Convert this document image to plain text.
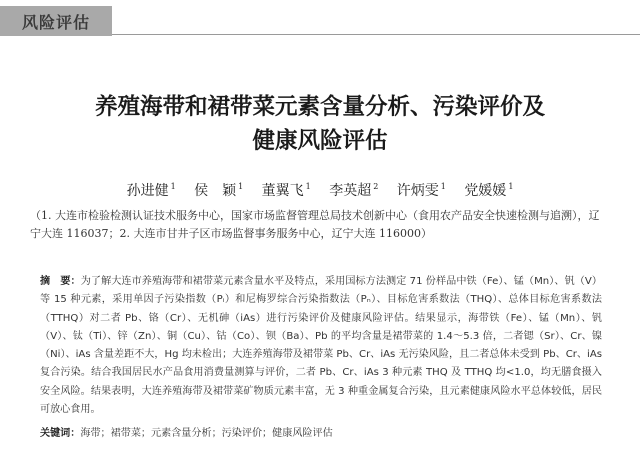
风险评估
养殖海带和裙带菜元素含量分析、污染评价及
健康风险评估
孙进健 $^1$ 侯　颖 $^1$ 董翼飞 $^1$ 李英超 $^2$ 许炳雯 $^1$ 党媛媛 $^1$
（1. 大连市检验检测认证技术服务中心，国家市场监督管理总局技术创新中心（食用农产品安全快速检测与追溯），辽宁大连 116037；2. 大连市甘井子区市场监督事务服务中心，辽宁大连 116000）
摘　要：为了解大连市养殖海带和裙带菜元素含量水平及特点，采用国标方法测定 71 份样品中铁（Fe）、锰（Mn）、钒（V）等 15 种元素，采用单因子污染指数（Pᵢ）和尼梅罗综合污染指数法（Pₙ）、目标危害系数法（THQ）、总体目标危害系数法（TTHQ）对二者 Pb、铬（Cr）、无机砷（iAs）进行污染评价及健康风险评估。结果显示，海带铁（Fe）、锰（Mn）、钒（V）、钛（Ti）、锌（Zn）、铜（Cu）、钴（Co）、钡（Ba）、Pb 的平均含量是裙带菜的 1.4～5.3 倍，二者锶（Sr）、Cr、镍（Ni）、iAs 含量差距不大，Hg 均未检出；大连养殖海带及裙带菜 Pb、Cr、iAs 无污染风险，且二者总体未受到 Pb、Cr、iAs 复合污染。结合我国居民水产品食用消费量测算与评价，二者 Pb、Cr、iAs 3 种元素 THQ 及 TTHQ 均<1.0，均无膳食摄入安全风险。结果表明，大连养殖海带及裙带菜矿物质元素丰富，无 3 种重金属复合污染，且元素健康风险水平总体较低，居民可放心食用。
关键词：海带；裙带菜；元素含量分析；污染评价；健康风险评估
